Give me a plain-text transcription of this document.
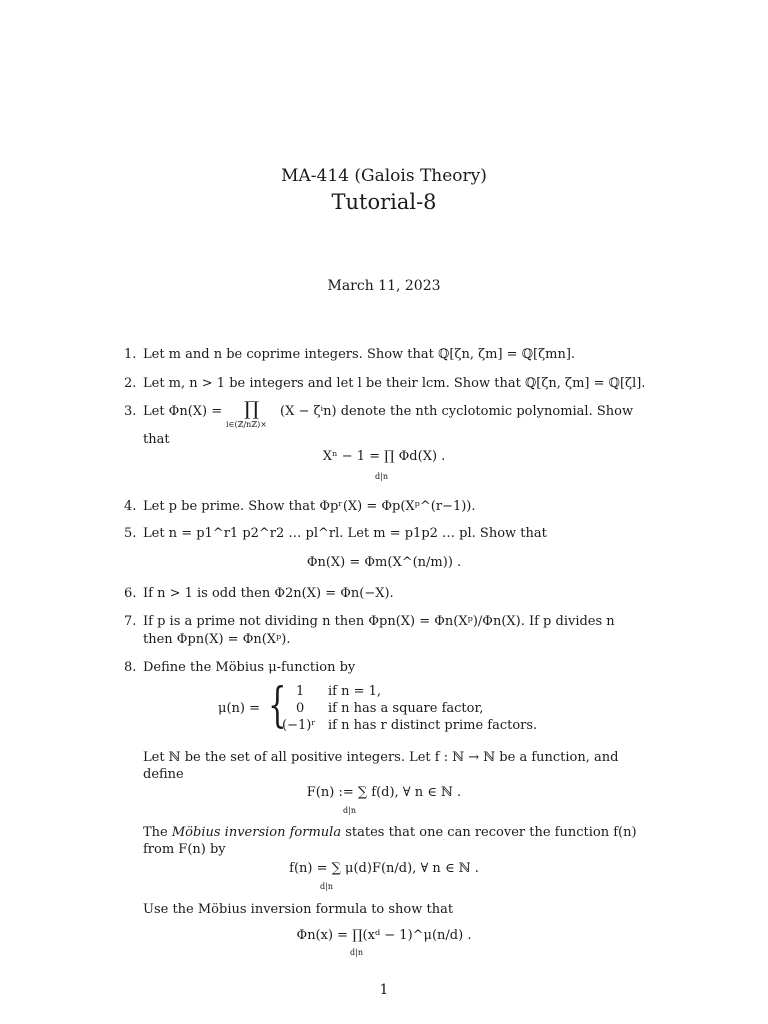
MA-414 (Galois Theory)
Tutorial-8
March 11, 2023
1. Let m and n be coprime integers. Show that ℚ[ζn, ζm] = ℚ[ζmn].
2. Let m, n > 1 be integers and let l be their lcm. Show that ℚ[ζn, ζm] = ℚ[ζl].
3. Let Φn(X) = ∏
i∈(ℤ/nℤ)×
(X − ζⁱn) denote the nth cyclotomic polynomial. Show
that
Xⁿ − 1 = ∏ Φd(X) .
d|n
4. Let p be prime. Show that Φpʳ(X) = Φp(Xᵖ^(r−1)).
5. Let n = p1^r1 p2^r2 … pl^rl. Let m = p1p2 … pl. Show that
Φn(X) = Φm(X^(n/m)) .
6. If n > 1 is odd then Φ2n(X) = Φn(−X).
7. If p is a prime not dividing n then Φpn(X) = Φn(Xᵖ)/Φn(X). If p divides n
then Φpn(X) = Φn(Xᵖ).
8. Define the Möbius μ-function by
μ(n) = { 1 if n = 1,
0 if n has a square factor,
(−1)ʳ if n has r distinct prime factors.
Let ℕ be the set of all positive integers. Let f : ℕ → ℕ be a function, and
define
F(n) := ∑ f(d), ∀ n ∈ ℕ .
d|n
The Möbius inversion formula states that one can recover the function f(n)
from F(n) by
f(n) = ∑ μ(d)F(n/d), ∀ n ∈ ℕ .
d|n
Use the Möbius inversion formula to show that
Φn(x) = ∏(xᵈ − 1)^μ(n/d) .
d|n
1
